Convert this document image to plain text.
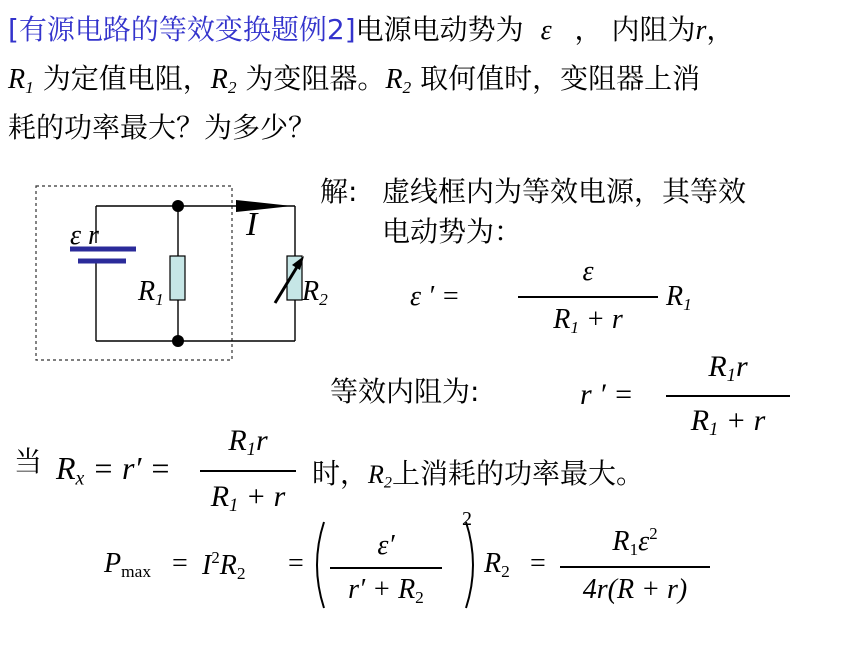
[有源电路的等效变换题例2]电源电动势为 ε ， 内阻为r，
$R_1$ 为定值电阻，$R_2$ 为变阻器。$R_2$ 取何值时，变阻器上消
耗的功率最大？为多少？
ε r	I
$R_1$	$R_2$
解: 虚线框内为等效电源，其等效
电动势为：
ε ′ =
ε
$R_1 + r$
$R_1$
等效内阻为:	r ′ =
$R_1r$
$R_1 + r$
当 $R_x = r'$ =
$R_1r$
$R_1 + r$
时，$R_2$上消耗的功率最大。
$P_{max} = I^2R_2$ =
ε′
$r' + R_2$
2
$R_2$ =
$R_1\varepsilon^2$
4r(R + r)
